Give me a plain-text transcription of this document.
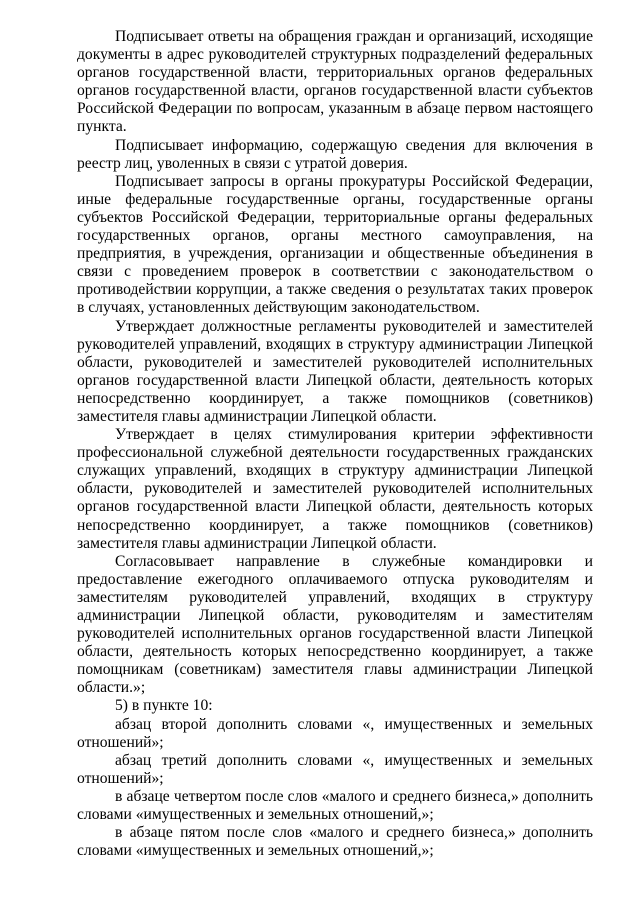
Подписывает ответы на обращения граждан и организаций, исходящие документы в адрес руководителей структурных подразделений федеральных органов государственной власти, территориальных органов федеральных органов государственной власти, органов государственной власти субъектов Российской Федерации по вопросам, указанным в абзаце первом настоящего пункта.

Подписывает информацию, содержащую сведения для включения в реестр лиц, уволенных в связи с утратой доверия.

Подписывает запросы в органы прокуратуры Российской Федерации, иные федеральные государственные органы, государственные органы субъектов Российской Федерации, территориальные органы федеральных государственных органов, органы местного самоуправления, на предприятия, в учреждения, организации и общественные объединения в связи с проведением проверок в соответствии с законодательством о противодействии коррупции, а также сведения о результатах таких проверок в случаях, установленных действующим законодательством.

Утверждает должностные регламенты руководителей и заместителей руководителей управлений, входящих в структуру администрации Липецкой области, руководителей и заместителей руководителей исполнительных органов государственной власти Липецкой области, деятельность которых непосредственно координирует, а также помощников (советников) заместителя главы администрации Липецкой области.

Утверждает в целях стимулирования критерии эффективности профессиональной служебной деятельности государственных гражданских служащих управлений, входящих в структуру администрации Липецкой области, руководителей и заместителей руководителей исполнительных органов государственной власти Липецкой области, деятельность которых непосредственно координирует, а также помощников (советников) заместителя главы администрации Липецкой области.

Согласовывает направление в служебные командировки и предоставление ежегодного оплачиваемого отпуска руководителям и заместителям руководителей управлений, входящих в структуру администрации Липецкой области, руководителям и заместителям руководителей исполнительных органов государственной власти Липецкой области, деятельность которых непосредственно координирует, а также помощникам (советникам) заместителя главы администрации Липецкой области.»;

5) в пункте 10:

абзац второй дополнить словами «, имущественных и земельных отношений»;

абзац третий дополнить словами «, имущественных и земельных отношений»;

в абзаце четвертом после слов «малого и среднего бизнеса,» дополнить словами «имущественных и земельных отношений,»;

в абзаце пятом после слов «малого и среднего бизнеса,» дополнить словами «имущественных и земельных отношений,»;
